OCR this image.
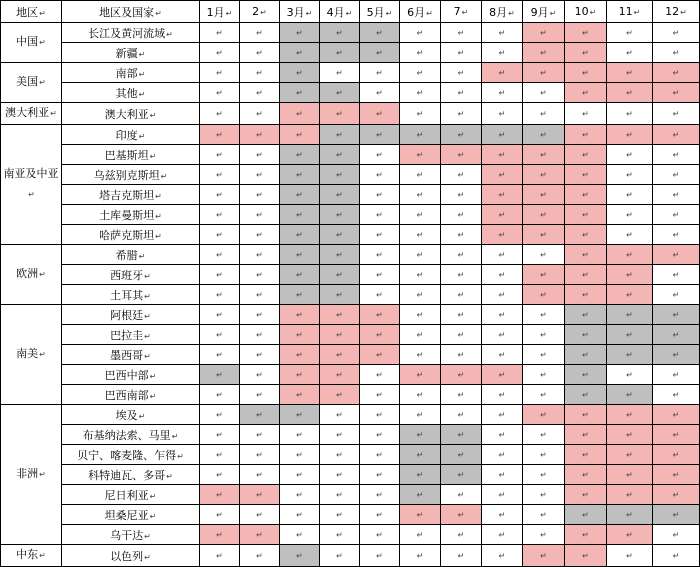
地区↵	地区及国家↵	1月↵	2↵	3月↵	4月↵	5月↵	6月↵	7↵	8月↵	9月↵	10↵	11↵	12↵
中国↵	长江及黄河流域↵	↵	↵	↵	↵	↵	↵	↵	↵	↵	↵	↵	↵

	新疆↵	↵	↵	↵	↵	↵	↵	↵	↵	↵	↵	↵	↵

美国↵	南部↵	↵	↵	↵	↵	↵	↵	↵	↵	↵	↵	↵	↵

	其他↵	↵	↵	↵	↵	↵	↵	↵	↵	↵	↵	↵	↵

澳大利亚↵	澳大利亚↵	↵	↵	↵	↵	↵	↵	↵	↵	↵	↵	↵	↵

南亚及中亚↵	印度↵	↵	↵	↵	↵	↵	↵	↵	↵	↵	↵	↵	↵

	巴基斯坦↵	↵	↵	↵	↵	↵	↵	↵	↵	↵	↵	↵	↵

	乌兹别克斯坦↵	↵	↵	↵	↵	↵	↵	↵	↵	↵	↵	↵	↵

	塔吉克斯坦↵	↵	↵	↵	↵	↵	↵	↵	↵	↵	↵	↵	↵

	土库曼斯坦↵	↵	↵	↵	↵	↵	↵	↵	↵	↵	↵	↵	↵

	哈萨克斯坦↵	↵	↵	↵	↵	↵	↵	↵	↵	↵	↵	↵	↵

欧洲↵	希腊↵	↵	↵	↵	↵	↵	↵	↵	↵	↵	↵	↵	↵

	西班牙↵	↵	↵	↵	↵	↵	↵	↵	↵	↵	↵	↵	↵

	土耳其↵	↵	↵	↵	↵	↵	↵	↵	↵	↵	↵	↵	↵

南美↵	阿根廷↵	↵	↵	↵	↵	↵	↵	↵	↵	↵	↵	↵	↵

	巴拉圭↵	↵	↵	↵	↵	↵	↵	↵	↵	↵	↵	↵	↵

	墨西哥↵	↵	↵	↵	↵	↵	↵	↵	↵	↵	↵	↵	↵

	巴西中部↵	↵	↵	↵	↵	↵	↵	↵	↵	↵	↵	↵	↵

	巴西南部↵	↵	↵	↵	↵	↵	↵	↵	↵	↵	↵	↵	↵

非洲↵	埃及↵	↵	↵	↵	↵	↵	↵	↵	↵	↵	↵	↵	↵

	布基纳法索、马里↵	↵	↵	↵	↵	↵	↵	↵	↵	↵	↵	↵	↵

	贝宁、喀麦隆、乍得↵	↵	↵	↵	↵	↵	↵	↵	↵	↵	↵	↵	↵

	科特迪瓦、多哥↵	↵	↵	↵	↵	↵	↵	↵	↵	↵	↵	↵	↵

	尼日利亚↵	↵	↵	↵	↵	↵	↵	↵	↵	↵	↵	↵	↵

	坦桑尼亚↵	↵	↵	↵	↵	↵	↵	↵	↵	↵	↵	↵	↵

	乌干达↵	↵	↵	↵	↵	↵	↵	↵	↵	↵	↵	↵	↵

中东↵	以色列↵	↵	↵	↵	↵	↵	↵	↵	↵	↵	↵	↵	↵
